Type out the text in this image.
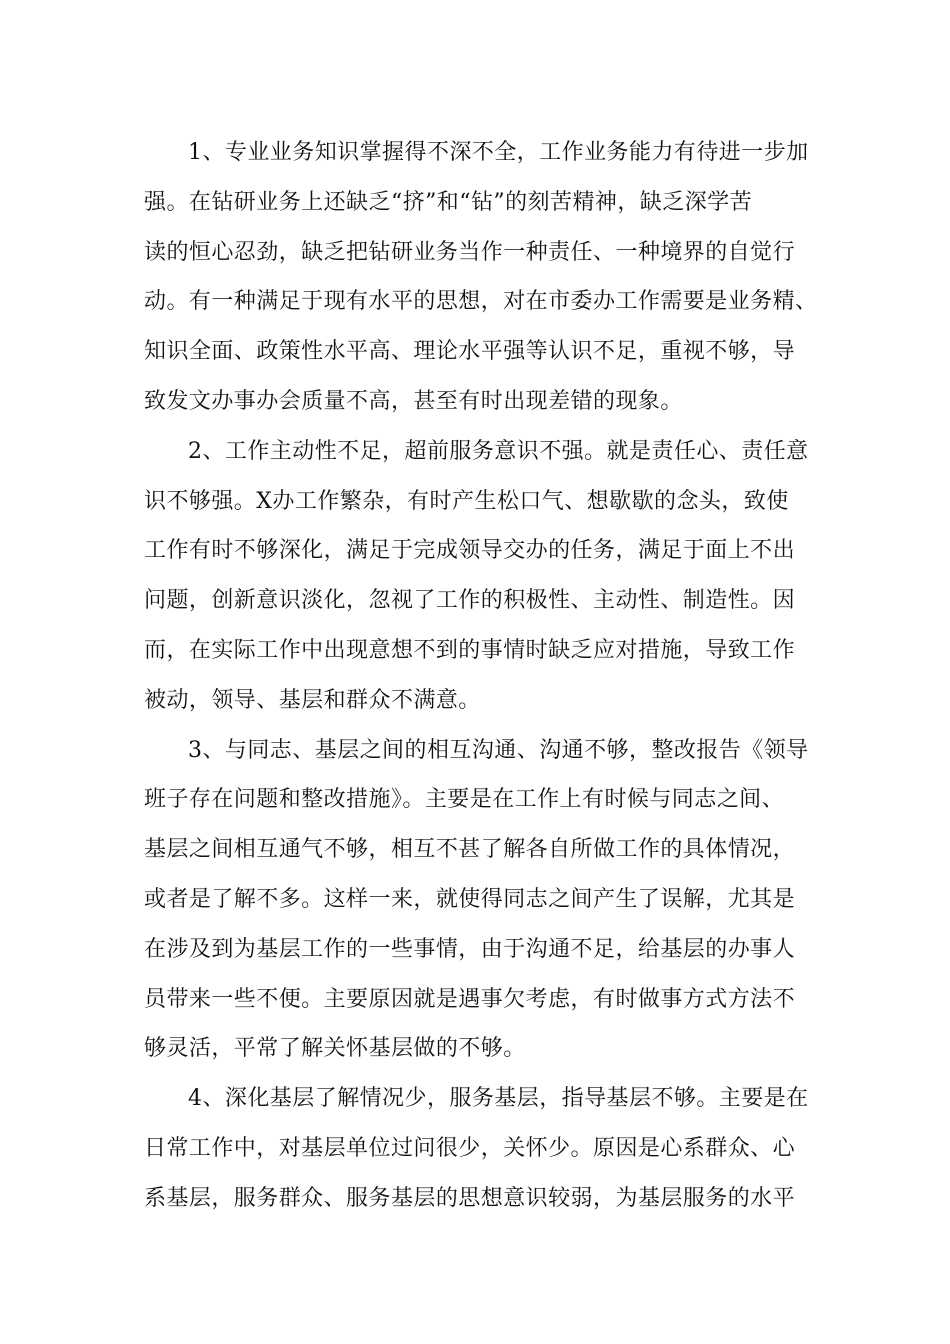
1、专业业务知识掌握得不深不全，工作业务能力有待进一步加
强。在钻研业务上还缺乏“挤”和“钻”的刻苦精神，缺乏深学苦
读的恒心忍劲，缺乏把钻研业务当作一种责任、一种境界的自觉行
动。有一种满足于现有水平的思想，对在市委办工作需要是业务精、
知识全面、政策性水平高、理论水平强等认识不足，重视不够，导
致发文办事办会质量不高，甚至有时出现差错的现象。
2、工作主动性不足，超前服务意识不强。就是责任心、责任意
识不够强。X办工作繁杂，有时产生松口气、想歇歇的念头，致使
工作有时不够深化，满足于完成领导交办的任务，满足于面上不出
问题，创新意识淡化，忽视了工作的积极性、主动性、制造性。因
而，在实际工作中出现意想不到的事情时缺乏应对措施，导致工作
被动，领导、基层和群众不满意。
3、与同志、基层之间的相互沟通、沟通不够，整改报告《领导
班子存在问题和整改措施》。主要是在工作上有时候与同志之间、
基层之间相互通气不够，相互不甚了解各自所做工作的具体情况，
或者是了解不多。这样一来，就使得同志之间产生了误解，尤其是
在涉及到为基层工作的一些事情，由于沟通不足，给基层的办事人
员带来一些不便。主要原因就是遇事欠考虑，有时做事方式方法不
够灵活，平常了解关怀基层做的不够。
4、深化基层了解情况少，服务基层，指导基层不够。主要是在
日常工作中，对基层单位过问很少，关怀少。原因是心系群众、心
系基层，服务群众、服务基层的思想意识较弱，为基层服务的水平
